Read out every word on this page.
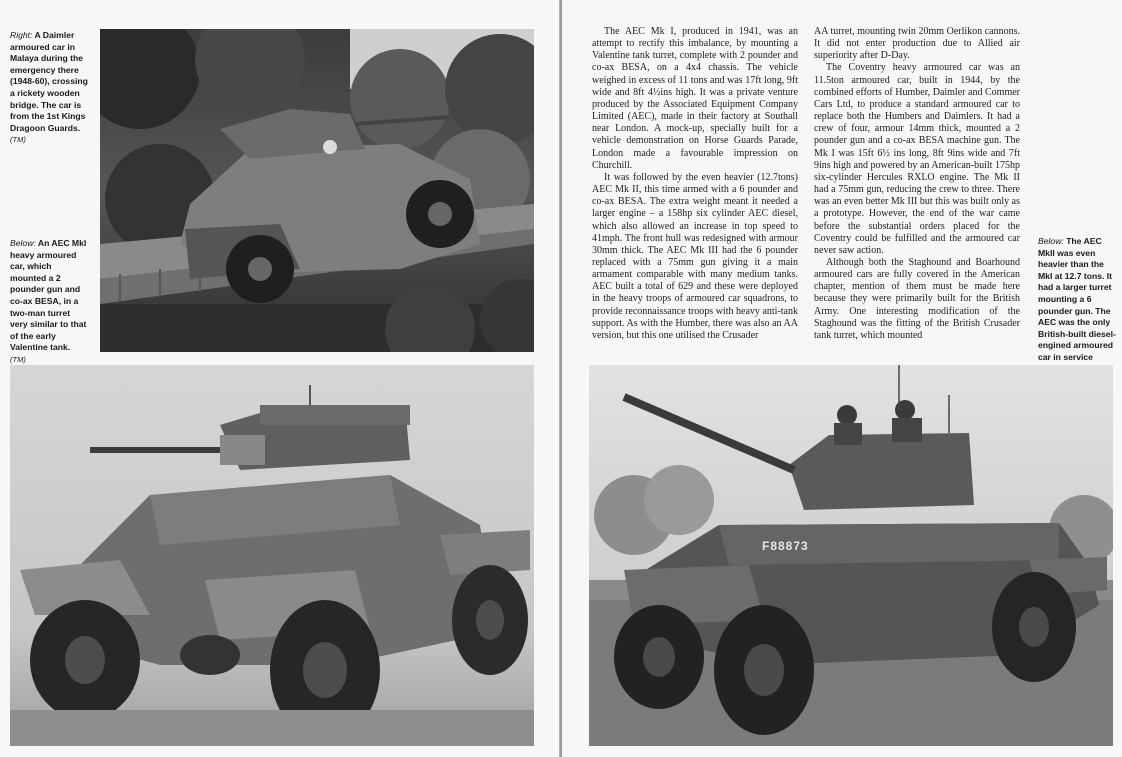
Right: A Daimler armoured car in Malaya during the emergency there (1948-60), crossing a rickety wooden bridge. The car is from the 1st Kings Dragoon Guards.
(TM)

Below: An AEC MkI heavy armoured car, which mounted a 2 pounder gun and co-ax BESA, in a two-man turret very similar to that of the early Valentine tank.
(TM)

The AEC Mk I, produced in 1941, was an attempt to rectify this imbalance, by mounting a Valentine tank turret, complete with 2 pounder and co-ax BESA, on a 4x4 chassis. The vehicle weighed in excess of 11 tons and was 17ft long, 9ft wide and 8ft 4½ins high. It was a private venture produced by the Associated Equipment Company Limited (AEC), made in their factory at Southall near London. A mock-up, specially built for a vehicle demonstration on Horse Guards Parade, London made a favourable impression on Churchill.

It was followed by the even heavier (12.7tons) AEC Mk II, this time armed with a 6 pounder and co-ax BESA. The extra weight meant it needed a larger engine – a 158hp six cylinder AEC diesel, which also allowed an increase in top speed to 41mph. The front hull was redesigned with armour 30mm thick. The AEC Mk III had the 6 pounder replaced with a 75mm gun giving it a main armament comparable with many medium tanks. AEC built a total of 629 and these were deployed in the heavy troops of armoured car squadrons, to provide reconnaissance troops with heavy anti-tank support. As with the Humber, there was also an AA version, but this one utilised the Crusader

AA turret, mounting twin 20mm Oerlikon cannons. It did not enter production due to Allied air superiority after D-Day.

The Coventry heavy armoured car was an 11.5ton armoured car, built in 1944, by the combined efforts of Humber, Daimler and Commer Cars Ltd, to produce a standard armoured car to replace both the Humbers and Daimlers. It had a crew of four, armour 14mm thick, mounted a 2 pounder gun and a co-ax BESA machine gun. The Mk I was 15ft 6½ ins long, 8ft 9ins wide and 7ft 9ins high and powered by an American-built 175hp six-cylinder Hercules RXLO engine. The Mk II had a 75mm gun, reducing the crew to three. There was an even better Mk III but this was built only as a prototype. However, the end of the war came before the substantial orders placed for the Coventry could be fulfilled and the armoured car never saw action.

Although both the Staghound and Boarhound armoured cars are fully covered in the American chapter, mention of them must be made here because they were primarily built for the British Army. One interesting modification of the Staghound was the fitting of the British Crusader tank turret, which mounted

Below: The AEC MkII was even heavier than the MkI at 12.7 tons. It had a larger turret mounting a 6 pounder gun. The AEC was the only British-built diesel-engined armoured car in service

F88873
